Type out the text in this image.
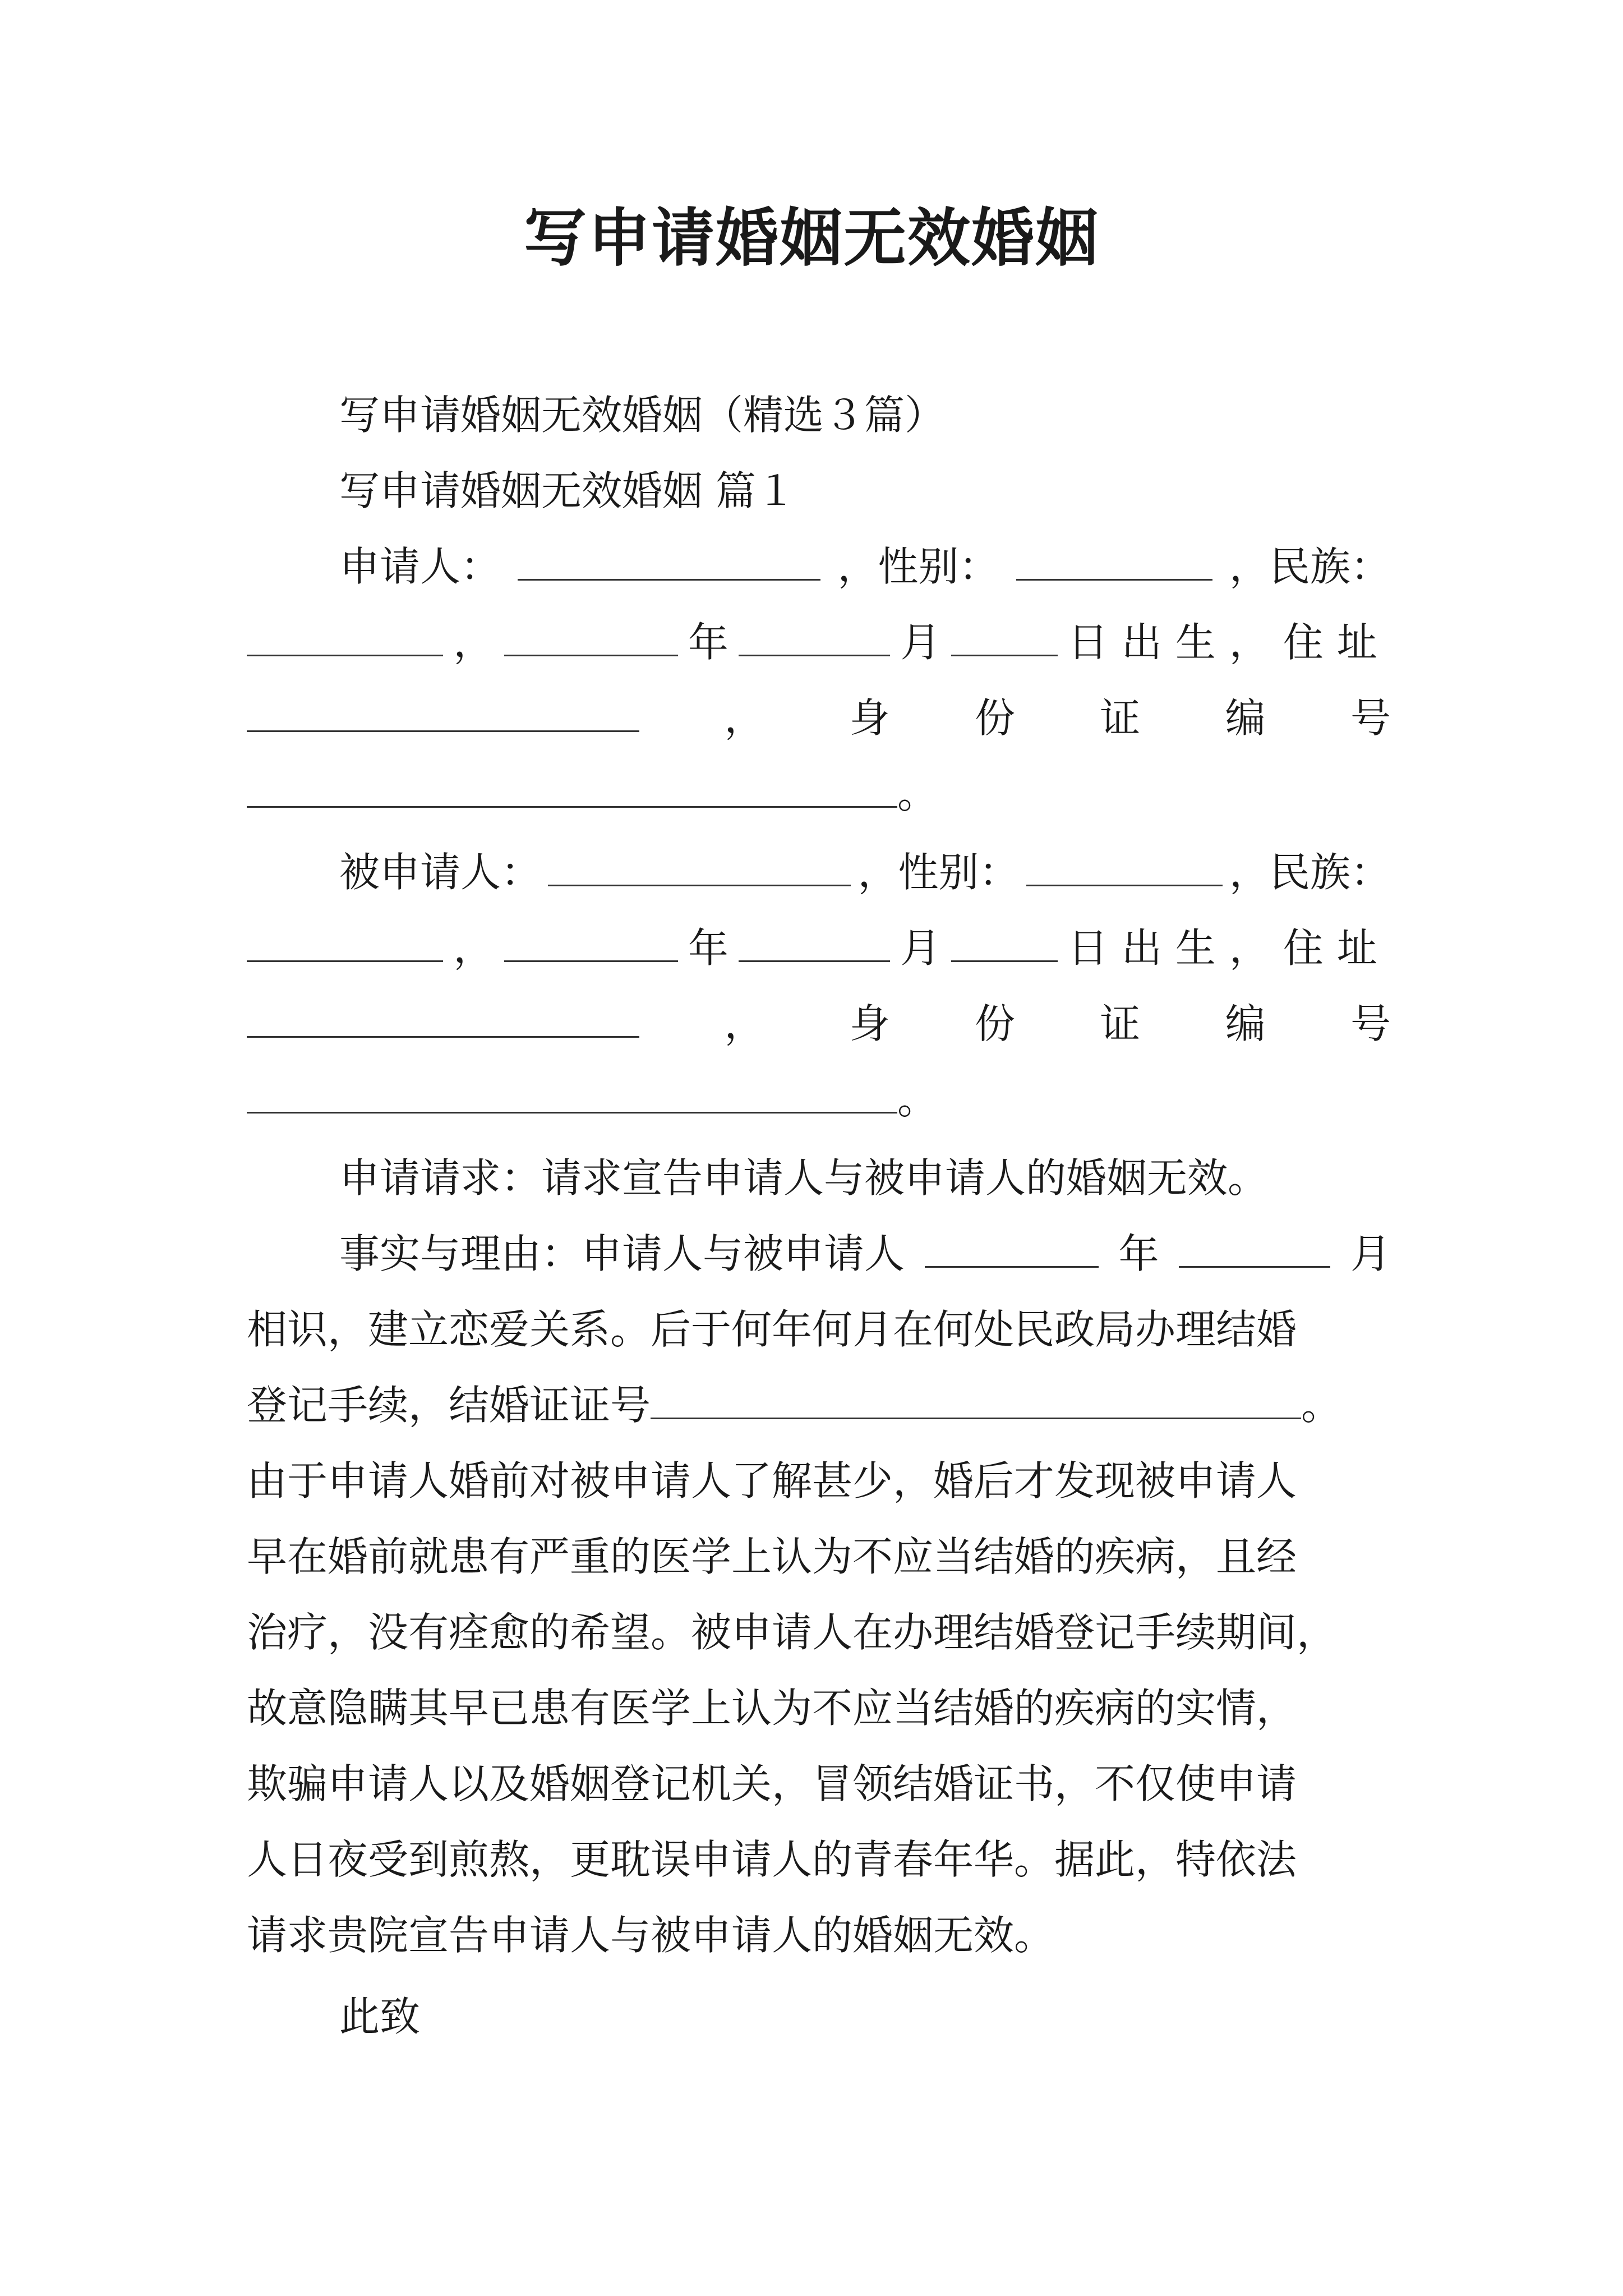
写申请婚姻无效婚姻
写申请婚姻无效婚姻（精选３篇）
写申请婚姻无效婚姻 篇１
申请人：	，性别：	，民族：
，	年	月	日出生，住址
， 身 份 证 编 号
。
被申请人：	，性别：	，民族：
，	年	月	日出生，住址
， 身 份 证 编 号
。
申请请求：请求宣告申请人与被申请人的婚姻无效。
事实与理由：申请人与被申请人	年	月
相识，建立恋爱关系。后于何年何月在何处民政局办理结婚
登记手续，结婚证证号	。
由于申请人婚前对被申请人了解甚少，婚后才发现被申请人
早在婚前就患有严重的医学上认为不应当结婚的疾病，且经
治疗，没有痊愈的希望。被申请人在办理结婚登记手续期间，
故意隐瞒其早已患有医学上认为不应当结婚的疾病的实情，
欺骗申请人以及婚姻登记机关，冒领结婚证书，不仅使申请
人日夜受到煎熬，更耽误申请人的青春年华。据此，特依法
请求贵院宣告申请人与被申请人的婚姻无效。
此致
